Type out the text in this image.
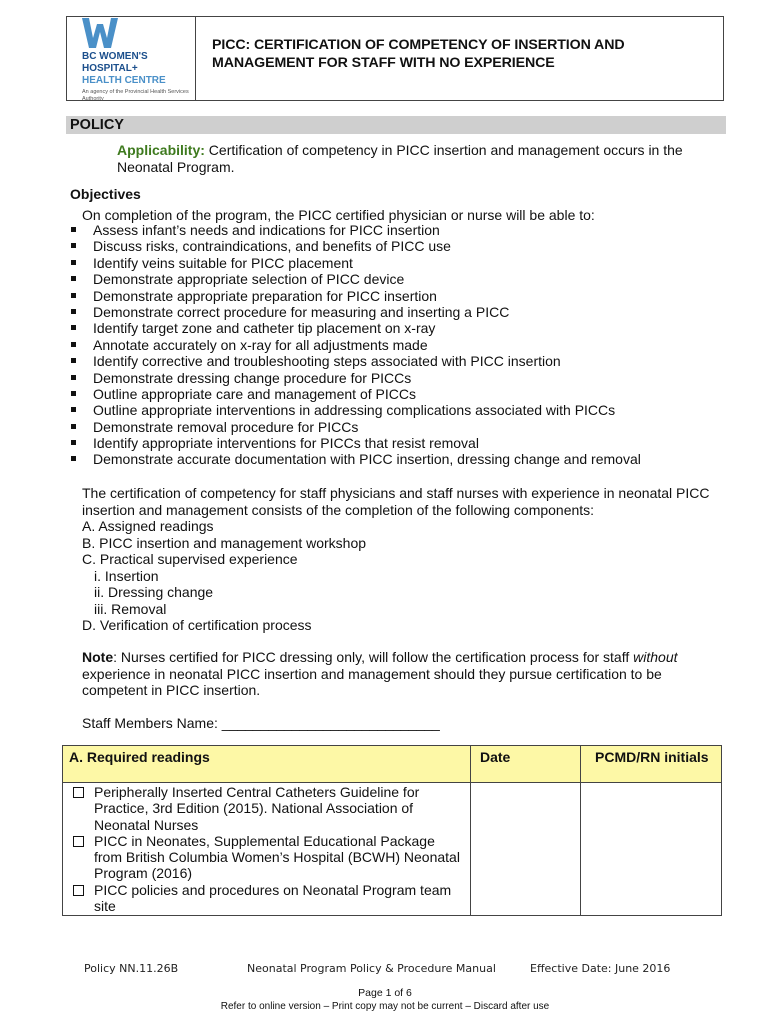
BC WOMEN'S
HOSPITAL+
HEALTH CENTRE
An agency of the Provincial Health Services Authority
PICC: CERTIFICATION OF COMPETENCY OF INSERTION AND MANAGEMENT FOR STAFF WITH NO EXPERIENCE
POLICY
Applicability: Certification of competency in PICC insertion and management occurs in the Neonatal Program.
Objectives
On completion of the program, the PICC certified physician or nurse will be able to:
Assess infant’s needs and indications for PICC insertion
Discuss risks, contraindications, and benefits of PICC use
Identify veins suitable for PICC placement
Demonstrate appropriate selection of PICC device
Demonstrate appropriate preparation for PICC insertion
Demonstrate correct procedure for measuring and inserting a PICC
Identify target zone and catheter tip placement on x-ray
Annotate accurately on x-ray for all adjustments made
Identify corrective and troubleshooting steps associated with PICC insertion
Demonstrate dressing change procedure for PICCs
Outline appropriate care and management of PICCs
Outline appropriate interventions in addressing complications associated with PICCs
Demonstrate removal procedure for PICCs
Identify appropriate interventions for PICCs that resist removal
Demonstrate accurate documentation with PICC insertion, dressing change and removal
The certification of competency for staff physicians and staff nurses with experience in neonatal PICC insertion and management consists of the completion of the following components:
A. Assigned readings
B. PICC insertion and management workshop
C. Practical supervised experience
i. Insertion
ii. Dressing change
iii. Removal
D. Verification of certification process
Note: Nurses certified for PICC dressing only, will follow the certification process for staff without experience in neonatal PICC insertion and management should they pursue certification to be competent in PICC insertion.
Staff Members Name: ____________________________
A. Required readings	Date	PCMD/RN initials

Peripherally Inserted Central Catheters Guideline for Practice, 3rd Edition (2015). National Association of Neonatal Nurses
PICC in Neonates, Supplemental Educational Package from British Columbia Women’s Hospital (BCWH) Neonatal Program (2016)
PICC policies and procedures on Neonatal Program team site		

Policy NN.11.26B	Neonatal Program Policy & Procedure Manual	Effective Date: June 2016
Page 1 of 6
Refer to online version – Print copy may not be current – Discard after use
